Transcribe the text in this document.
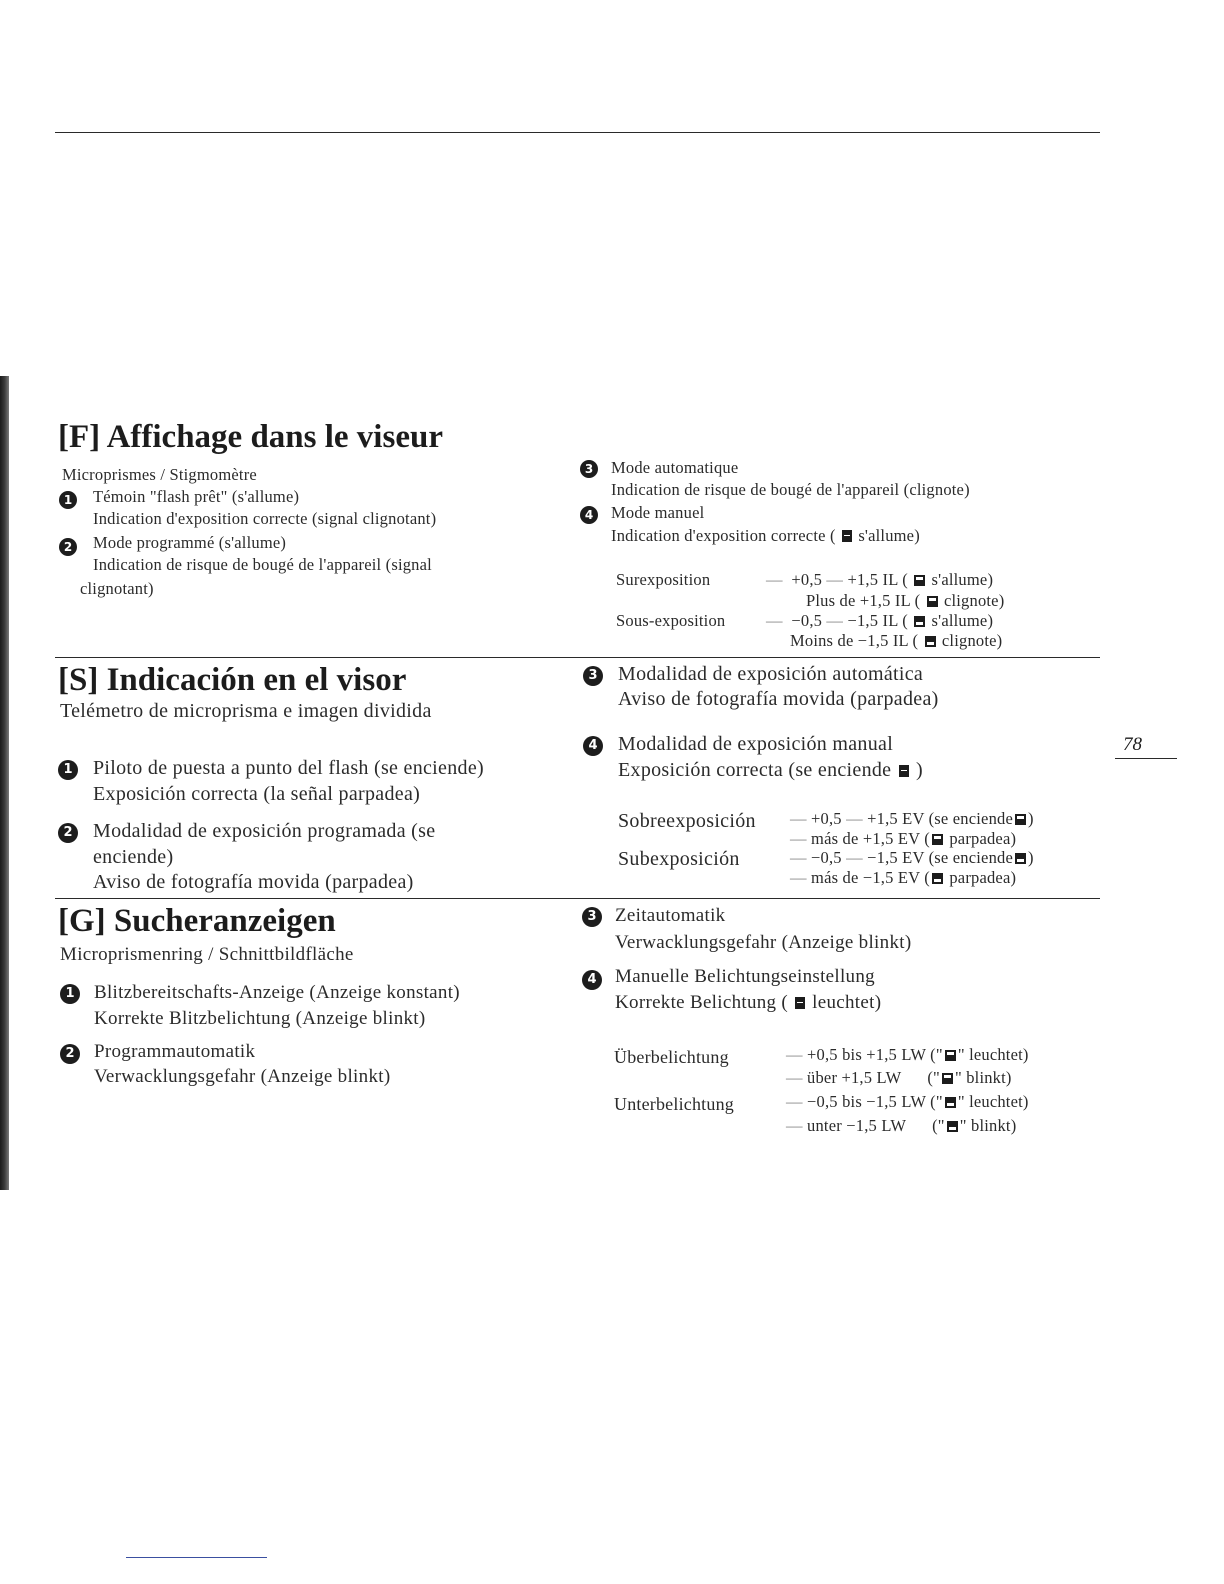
[F] Affichage dans le viseur
Microprismes / Stigmomètre
1 Témoin "flash prêt" (s'allume)
Indication d'exposition correcte (signal clignotant)
2 Mode programmé (s'allume)
Indication de risque de bougé de l'appareil (signal
clignotant)
3 Mode automatique
Indication de risque de bougé de l'appareil (clignote)
4 Mode manuel
Indication d'exposition correcte ( s'allume)
Surexposition	— +0,5 — +1,5 IL ( s'allume)
Plus de +1,5 IL ( clignote)
Sous-exposition — −0,5 — −1,5 IL ( s'allume)
Moins de −1,5 IL ( clignote)
[S] Indicación en el visor
Telémetro de microprisma e imagen dividida
1 Piloto de puesta a punto del flash (se enciende)
Exposición correcta (la señal parpadea)
2 Modalidad de exposición programada (se
enciende)
Aviso de fotografía movida (parpadea)
3 Modalidad de exposición automática
Aviso de fotografía movida (parpadea)
4 Modalidad de exposición manual
Exposición correcta (se enciende )
Sobreexposición — +0,5 — +1,5 EV (se enciende )
— más de +1,5 EV ( parpadea)
Subexposición	— −0,5 — −1,5 EV (se enciende )
— más de −1,5 EV ( parpadea)
[G] Sucheranzeigen
Microprismenring / Schnittbildfläche
1 Blitzbereitschafts-Anzeige (Anzeige konstant)
Korrekte Blitzbelichtung (Anzeige blinkt)
2 Programmautomatik
Verwacklungsgefahr (Anzeige blinkt)
3 Zeitautomatik
Verwacklungsgefahr (Anzeige blinkt)
4 Manuelle Belichtungseinstellung
Korrekte Belichtung ( leuchtet)
Überbelichtung	— +0,5 bis +1,5 LW (" " leuchtet)
— über +1,5 LW (" " blinkt)
Unterbelichtung	— −0,5 bis −1,5 LW (" " leuchtet)
— unter −1,5 LW (" " blinkt)
78
